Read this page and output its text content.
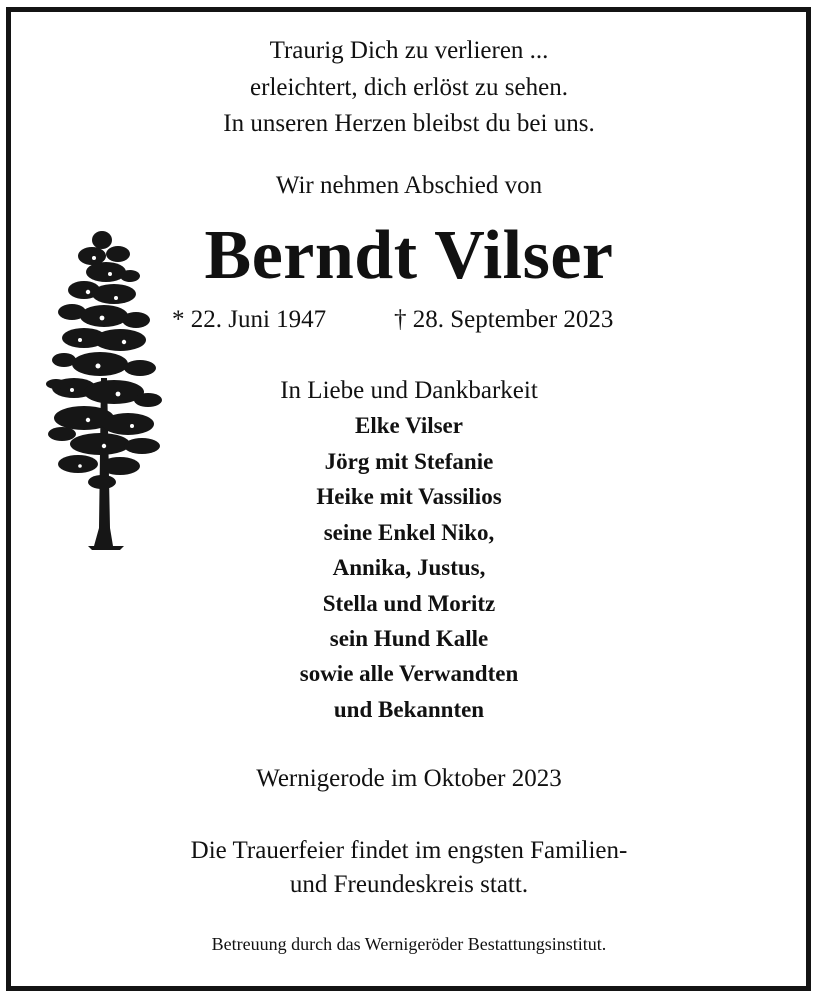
Traurig Dich zu verlieren ...
erleichtert, dich erlöst zu sehen.
In unseren Herzen bleibst du bei uns.
Wir nehmen Abschied von
Berndt Vilser
* 22. Juni 1947	† 28. September 2023
In Liebe und Dankbarkeit
Elke Vilser
Jörg mit Stefanie
Heike mit Vassilios
seine Enkel Niko,
Annika, Justus,
Stella und Moritz
sein Hund Kalle
sowie alle Verwandten
und Bekannten
Wernigerode im Oktober 2023
Die Trauerfeier findet im engsten Familien-
und Freundeskreis statt.
Betreuung durch das Wernigeröder Bestattungsinstitut.
